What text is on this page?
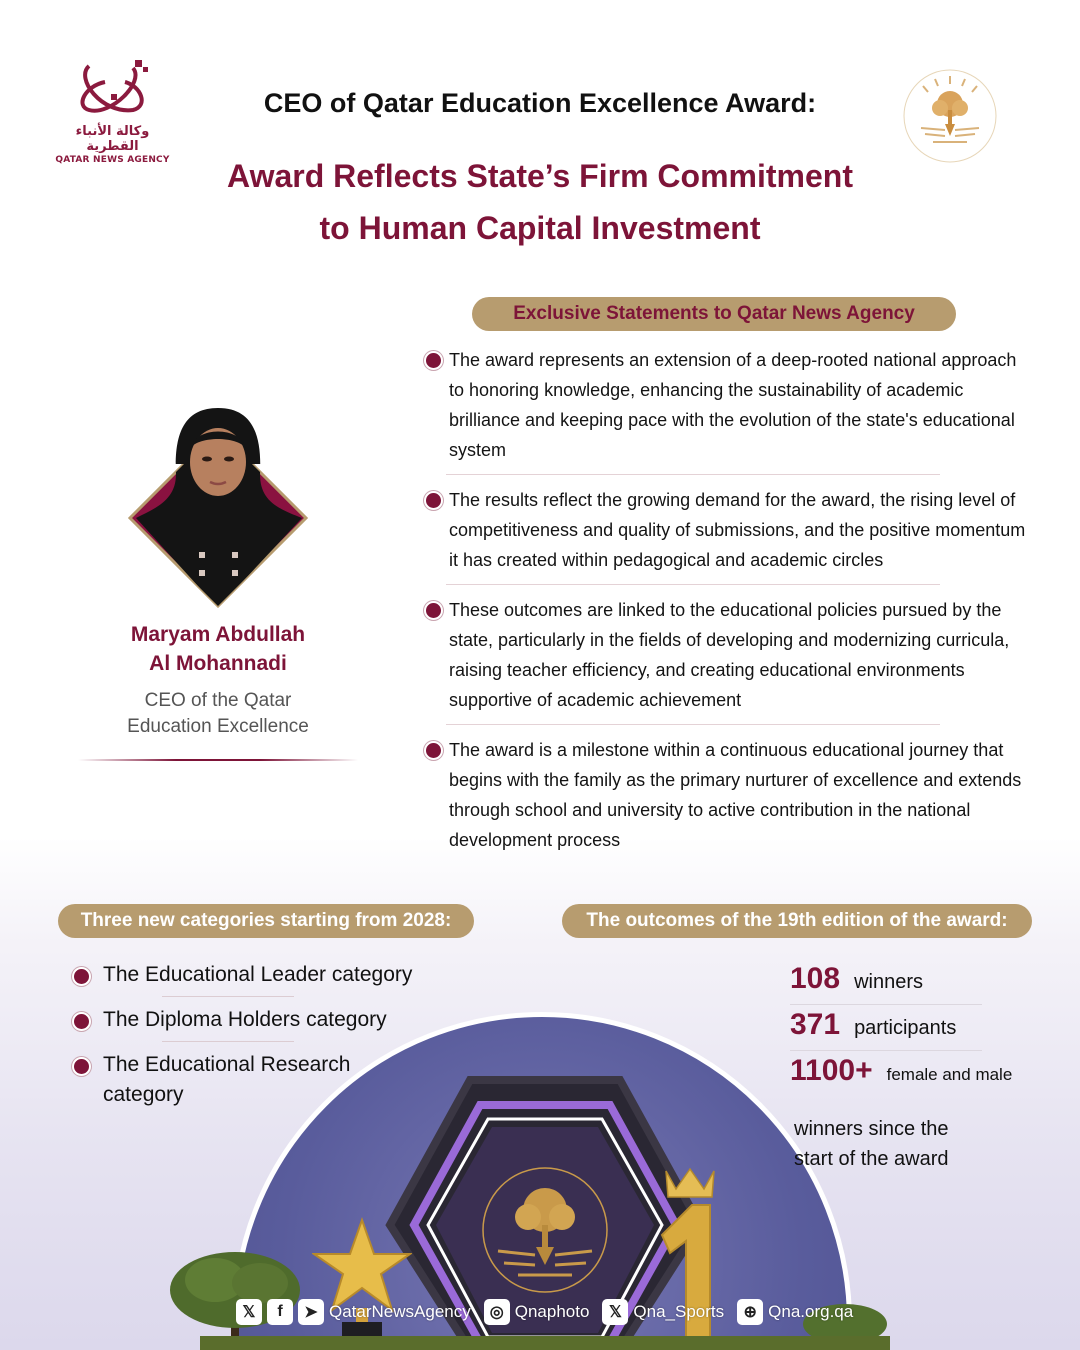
وكالة الأنباء القطرية
QATAR NEWS AGENCY
CEO of Qatar Education Excellence Award:
Award Reflects State’s Firm Commitment
to Human Capital Investment
Exclusive Statements to Qatar News Agency
The award represents an extension of a deep-rooted national approach to honoring knowledge, enhancing the sustainability of academic brilliance and keeping pace with the evolution of the state's educational system
The results reflect the growing demand for the award, the rising level of competitiveness and quality of submissions, and the positive momentum it has created within pedagogical and academic circles
These outcomes are linked to the educational policies pursued by the state, particularly in the fields of developing and modernizing curricula, raising teacher efficiency, and creating educational environments supportive of academic achievement
The award is a milestone within a continuous educational journey that begins with the family as the primary nurturer of excellence and extends through school and university to active contribution in the national development process
Maryam Abdullah
Al Mohannadi
CEO of the Qatar
Education Excellence
Three new categories starting from 2028:
The Educational Leader category
The Diploma Holders category
The Educational Research category
The outcomes of the 19th edition of the award:
108 winners
371 participants
1100+ female and male
winners since the
start of the award
𝕏	f	➤ QatarNewsAgency	◎ Qnaphoto	𝕏 Qna_Sports	⊕ Qna.org.qa
